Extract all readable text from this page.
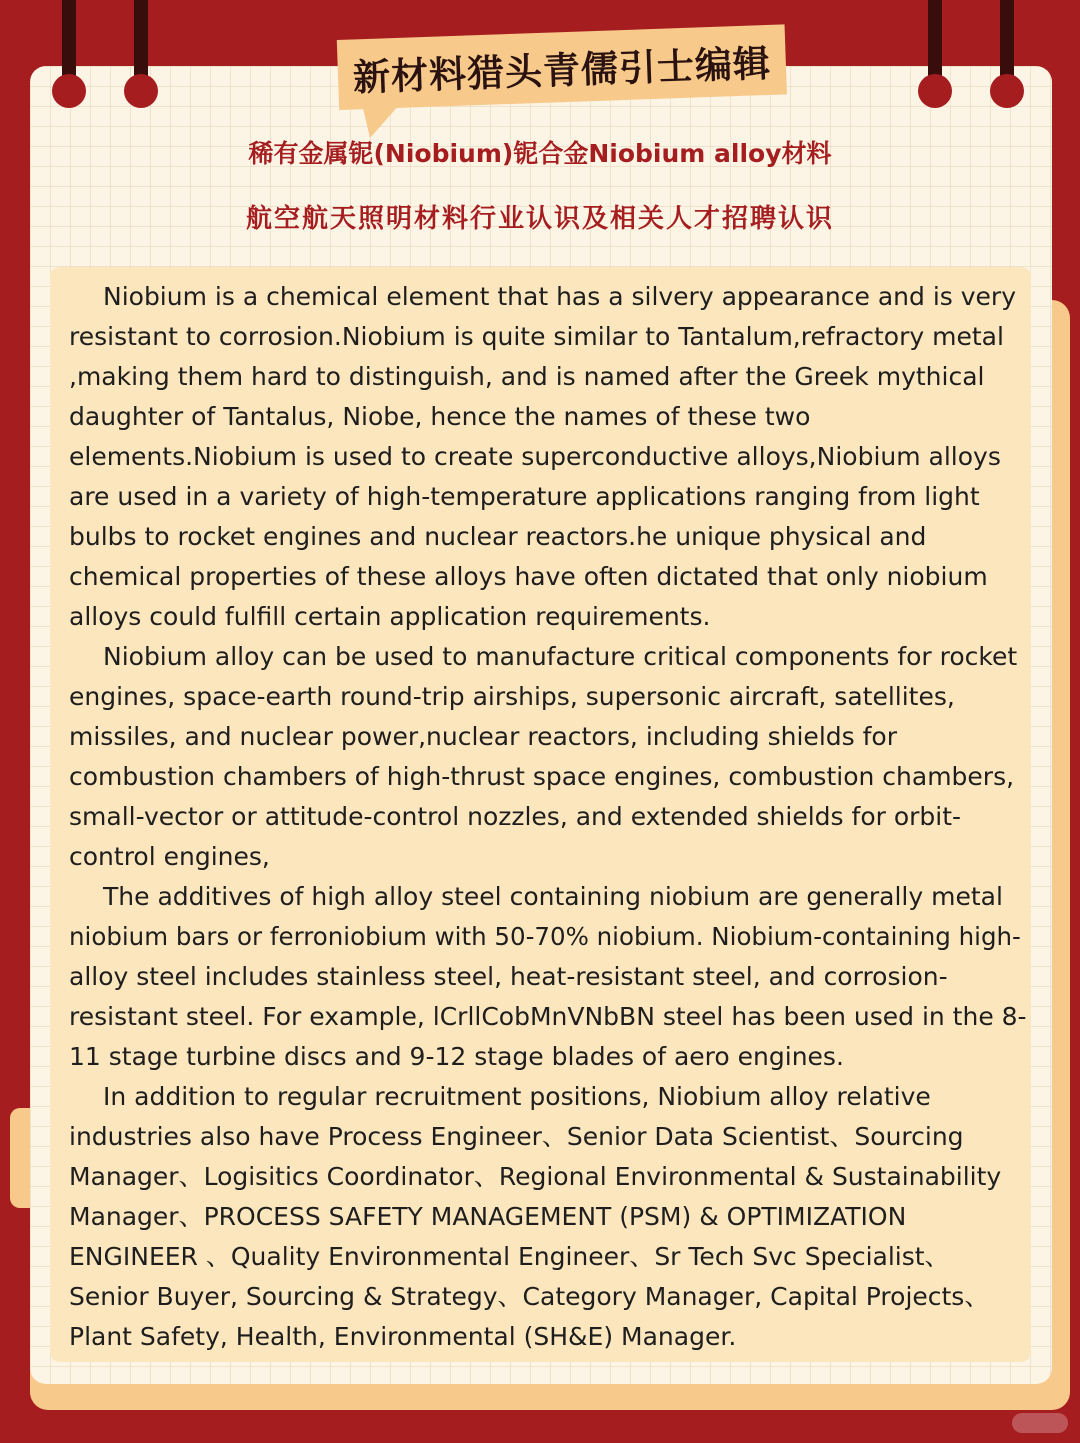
新材料猎头青儒引士编辑
稀有金属铌(Niobium)铌合金Niobium alloy材料
航空航天照明材料行业认识及相关人才招聘认识
Niobium is a chemical element that has a silvery appearance and is very
resistant to corrosion.Niobium is quite similar to Tantalum,refractory metal
,making them hard to distinguish, and is named after the Greek mythical
daughter of Tantalus, Niobe, hence the names of these two
elements.Niobium is used to create superconductive alloys,Niobium alloys
are used in a variety of high-temperature applications ranging from light
bulbs to rocket engines and nuclear reactors.he unique physical and
chemical properties of these alloys have often dictated that only niobium
alloys could fulfill certain application requirements.
Niobium alloy can be used to manufacture critical components for rocket
engines, space-earth round-trip airships, supersonic aircraft, satellites,
missiles, and nuclear power,nuclear reactors, including shields for
combustion chambers of high-thrust space engines, combustion chambers,
small-vector or attitude-control nozzles, and extended shields for orbit-
control engines,
The additives of high alloy steel containing niobium are generally metal
niobium bars or ferroniobium with 50-70% niobium. Niobium-containing high-
alloy steel includes stainless steel, heat-resistant steel, and corrosion-
resistant steel. For example, lCrllCobMnVNbBN steel has been used in the 8-
11 stage turbine discs and 9-12 stage blades of aero engines.
In addition to regular recruitment positions, Niobium alloy relative
industries also have Process Engineer、Senior Data Scientist、Sourcing
Manager、Logisitics Coordinator、Regional Environmental & Sustainability
Manager、PROCESS SAFETY MANAGEMENT (PSM) & OPTIMIZATION
ENGINEER 、Quality Environmental Engineer、Sr Tech Svc Specialist、
Senior Buyer, Sourcing & Strategy、Category Manager, Capital Projects、
Plant Safety, Health, Environmental (SH&E) Manager.
